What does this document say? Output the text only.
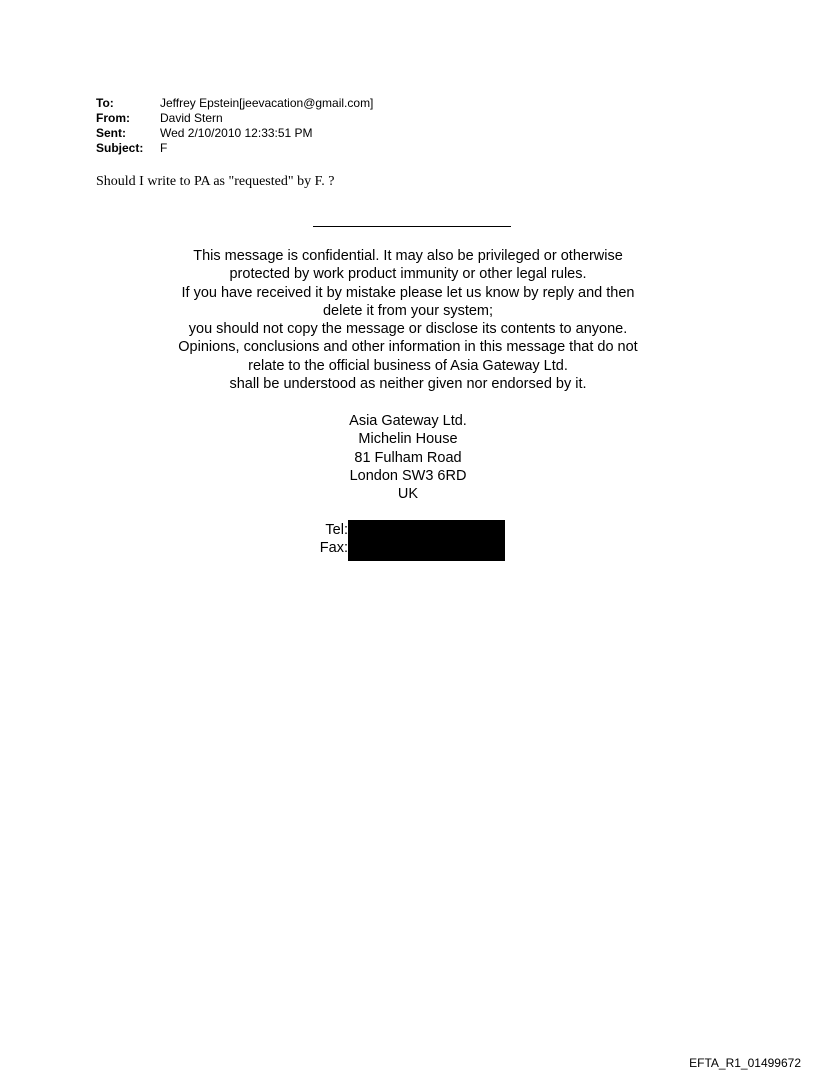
To:	Jeffrey Epstein[jeevacation@gmail.com]
From:	David Stern
Sent:	Wed 2/10/2010 12:33:51 PM
Subject:	F
Should I write to PA as "requested" by F. ?
This message is confidential. It may also be privileged or otherwise
protected by work product immunity or other legal rules.
If you have received it by mistake please let us know by reply and then
delete it from your system;
you should not copy the message or disclose its contents to anyone.
Opinions, conclusions and other information in this message that do not
relate to the official business of Asia Gateway Ltd.
shall be understood as neither given nor endorsed by it.
Asia Gateway Ltd.
Michelin House
81 Fulham Road
London SW3 6RD
UK
Tel:
Fax:
EFTA_R1_01499672
